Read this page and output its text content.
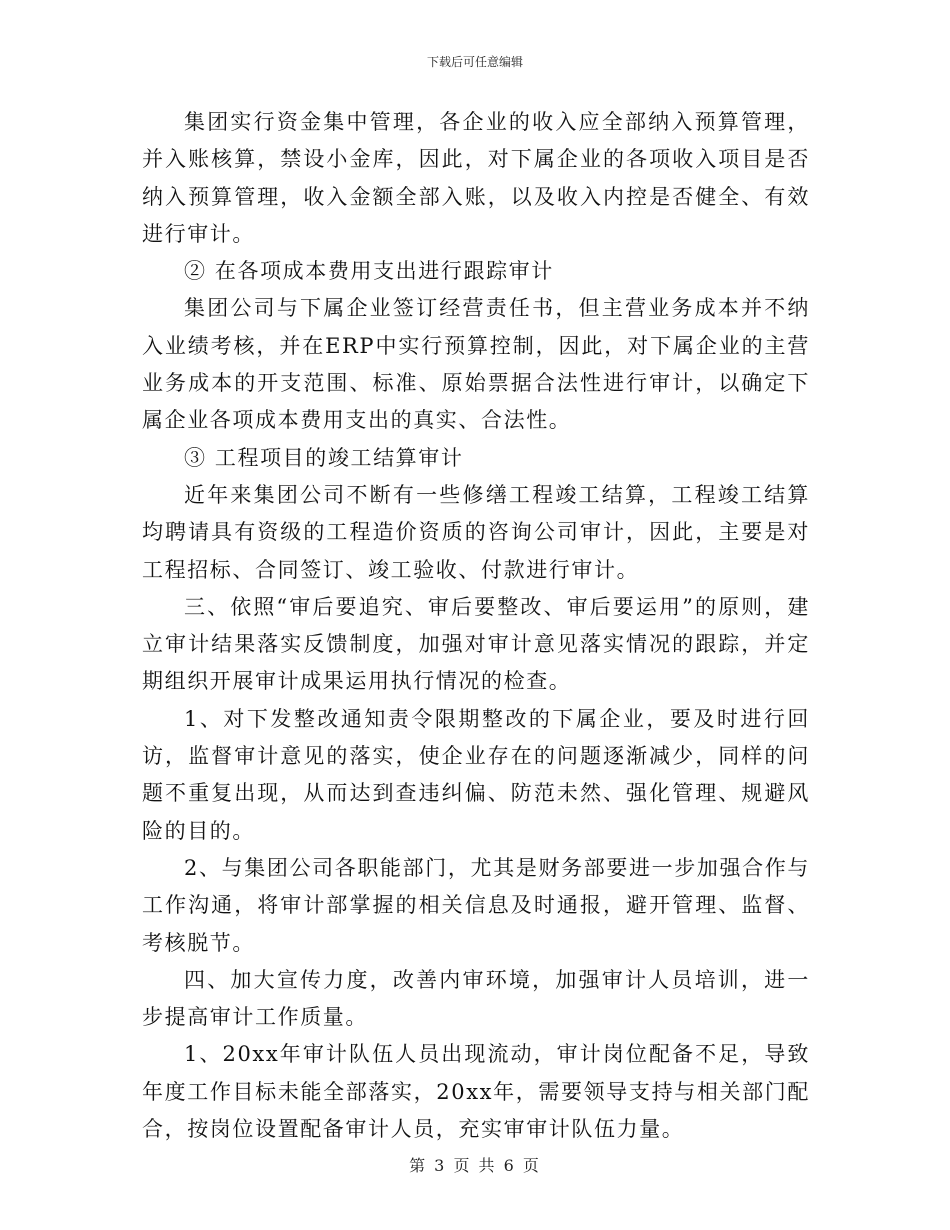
下载后可任意编辑

集团实行资金集中管理，各企业的收入应全部纳入预算管理，并入账核算，禁设小金库，因此，对下属企业的各项收入项目是否纳入预算管理，收入金额全部入账，以及收入内控是否健全、有效进行审计。

② 在各项成本费用支出进行跟踪审计

集团公司与下属企业签订经营责任书，但主营业务成本并不纳入业绩考核，并在ERP中实行预算控制，因此，对下属企业的主营业务成本的开支范围、标准、原始票据合法性进行审计，以确定下属企业各项成本费用支出的真实、合法性。

③ 工程项目的竣工结算审计

近年来集团公司不断有一些修缮工程竣工结算，工程竣工结算均聘请具有资级的工程造价资质的咨询公司审计，因此，主要是对工程招标、合同签订、竣工验收、付款进行审计。

三、依照“审后要追究、审后要整改、审后要运用”的原则，建立审计结果落实反馈制度，加强对审计意见落实情况的跟踪，并定期组织开展审计成果运用执行情况的检查。

1、对下发整改通知责令限期整改的下属企业，要及时进行回访，监督审计意见的落实，使企业存在的问题逐渐减少，同样的问题不重复出现，从而达到查违纠偏、防范未然、强化管理、规避风险的目的。

2、与集团公司各职能部门，尤其是财务部要进一步加强合作与工作沟通，将审计部掌握的相关信息及时通报，避开管理、监督、考核脱节。

四、加大宣传力度，改善内审环境，加强审计人员培训，进一步提高审计工作质量。

1、20xx年审计队伍人员出现流动，审计岗位配备不足，导致年度工作目标未能全部落实，20xx年，需要领导支持与相关部门配合，按岗位设置配备审计人员，充实审审计队伍力量。

第 3 页 共 6 页
